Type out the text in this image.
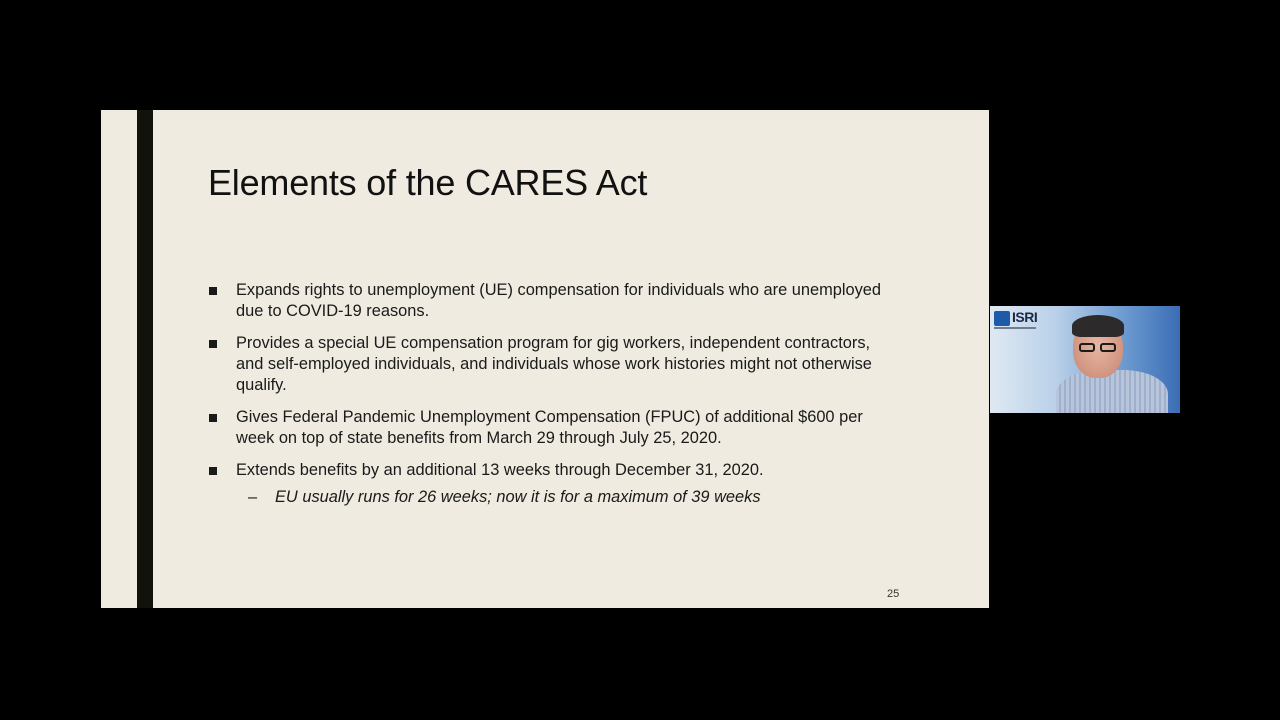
Elements of the CARES Act
Expands rights to unemployment (UE) compensation for individuals who are unemployed due to COVID-19 reasons.
Provides a special UE compensation program for gig workers, independent contractors, and self-employed individuals, and individuals whose work histories might not otherwise qualify.
Gives Federal Pandemic Unemployment Compensation (FPUC) of additional $600 per week on top of state benefits from March 29 through July 25, 2020.
Extends benefits by an additional 13 weeks through December 31, 2020.
– EU usually runs for 26 weeks; now it is for a maximum of 39 weeks
25
ISRI
